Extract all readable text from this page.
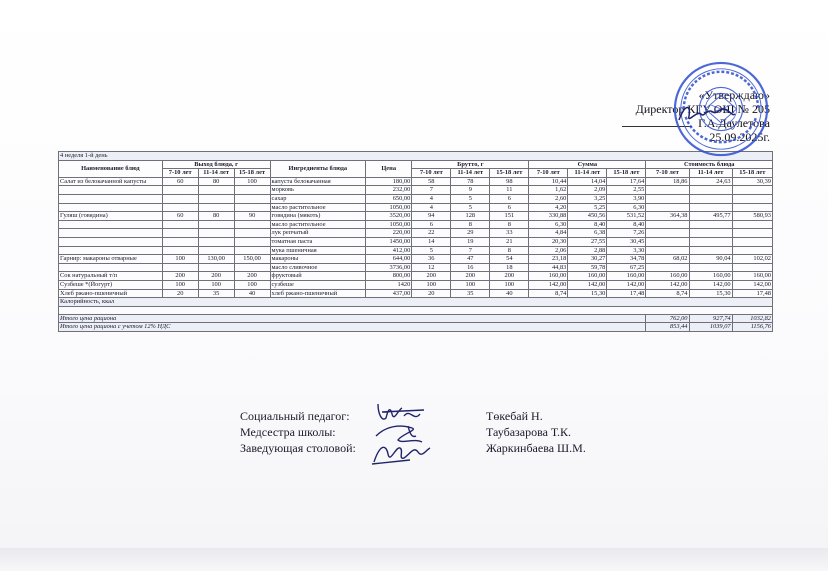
«Утверждаю»
Директор КГУ ОШ № 205
Г.А.Даулетова
25.09.2025г.
4 неделя 1-й день														
Наименование блюд	Выход блюда, г			Ингредиенты блюда	Цена	Брутто, г			Сумма			Стоимость блюда		
	7-10 лет	11-14 лет	15-18 лет			7-10 лет	11-14 лет	15-18 лет	7-10 лет	11-14 лет	15-18 лет	7-10 лет	11-14 лет	15-18 лет
Салат из белокачанной капусты	60	80	100	капуста белокачанная	180,00	58	78	98	10,44	14,04	17,64	18,86	24,63	30,39
				морковь	232,00	7	9	11	1,62	2,09	2,55			
				сахар	650,00	4	5	6	2,60	3,25	3,90			
				масло растительное	1050,00	4	5	6	4,20	5,25	6,30			
Гуляш (говядина)	60	80	90	говядина (мякоть)	3520,00	94	128	151	330,88	450,56	531,52	364,38	495,77	580,93
				масло растительное	1050,00	6	8	8	6,30	8,40	8,40			
				лук репчатый	220,00	22	29	33	4,84	6,38	7,26			
				томатная паста	1450,00	14	19	21	20,30	27,55	30,45			
				мука пшеничная	412,00	5	7	8	2,06	2,88	3,30			
Гарнир: макароны отварные	100	130,00	150,00	макароны	644,00	36	47	54	23,18	30,27	34,78	68,02	90,04	102,02
				масло сливочное	3736,00	12	16	18	44,83	59,78	67,25			
Сок натуральный т/п	200	200	200	фруктовый	800,00	200	200	200	160,00	160,00	160,00	160,00	160,00	160,00
Сузбеше *(Йогурт)	100	100	100	сузбеше	1420	100	100	100	142,00	142,00	142,00	142,00	142,00	142,00
Хлеб ржано-пшеничный	20	35	40	хлеб ржано-пшеничный	437,00	20	35	40	8,74	15,30	17,48	8,74	15,30	17,48
Калорийность, ккал														

Итого цена рациона												762,00	927,74	1032,82
Итого цена рациона с учетом 12% НДС												853,44	1039,07	1156,76
Социальный педагог:	Төкебай Н.
Медсестра школы:	Таубазарова Т.К.
Заведующая столовой:	Жаркинбаева Ш.М.
